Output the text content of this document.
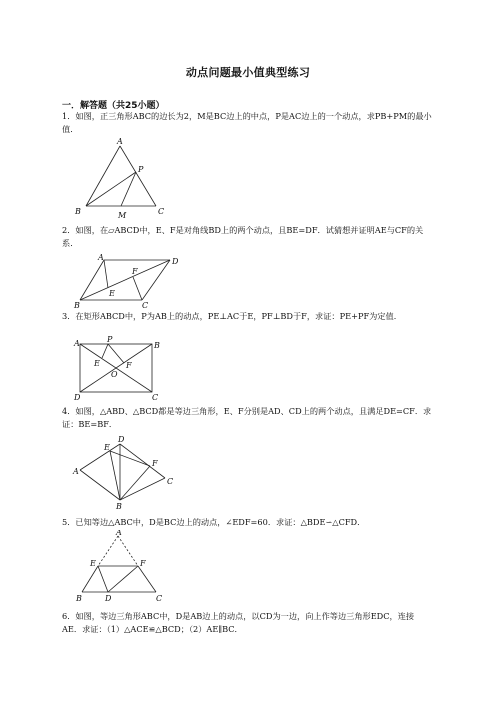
动点问题最小值典型练习
一．解答题（共25小题）
1．如图，正三角形ABC的边长为2，M是BC边上的中点，P是AC边上的一个动点，求PB+PM的最小值．
A
P
B	M	C
2．如图，在▱ABCD中，E、F是对角线BD上的两个动点，且BE=DF．试猜想并证明AE与CF的关系．
A	D
F
E
B	C
3．在矩形ABCD中，P为AB上的动点，PE⊥AC于E，PF⊥BD于F，求证：PE+PF为定值．
A	P
B
E	F
O
D	C
4．如图，△ABD、△BCD都是等边三角形，E、F分别是AD、CD上的两个动点，且满足DE=CF．求证：BE=BF．
D
E
F
A
C
B
5．已知等边△ABC中，D是BC边上的动点，∠EDF=60．求证：△BDE∽△CFD．
A
E	F
B	D	C
6．如图，等边三角形ABC中，D是AB边上的动点，以CD为一边，向上作等边三角形EDC，连接AE．求证：（1）△ACE≌△BCD；（2）AE∥BC．
